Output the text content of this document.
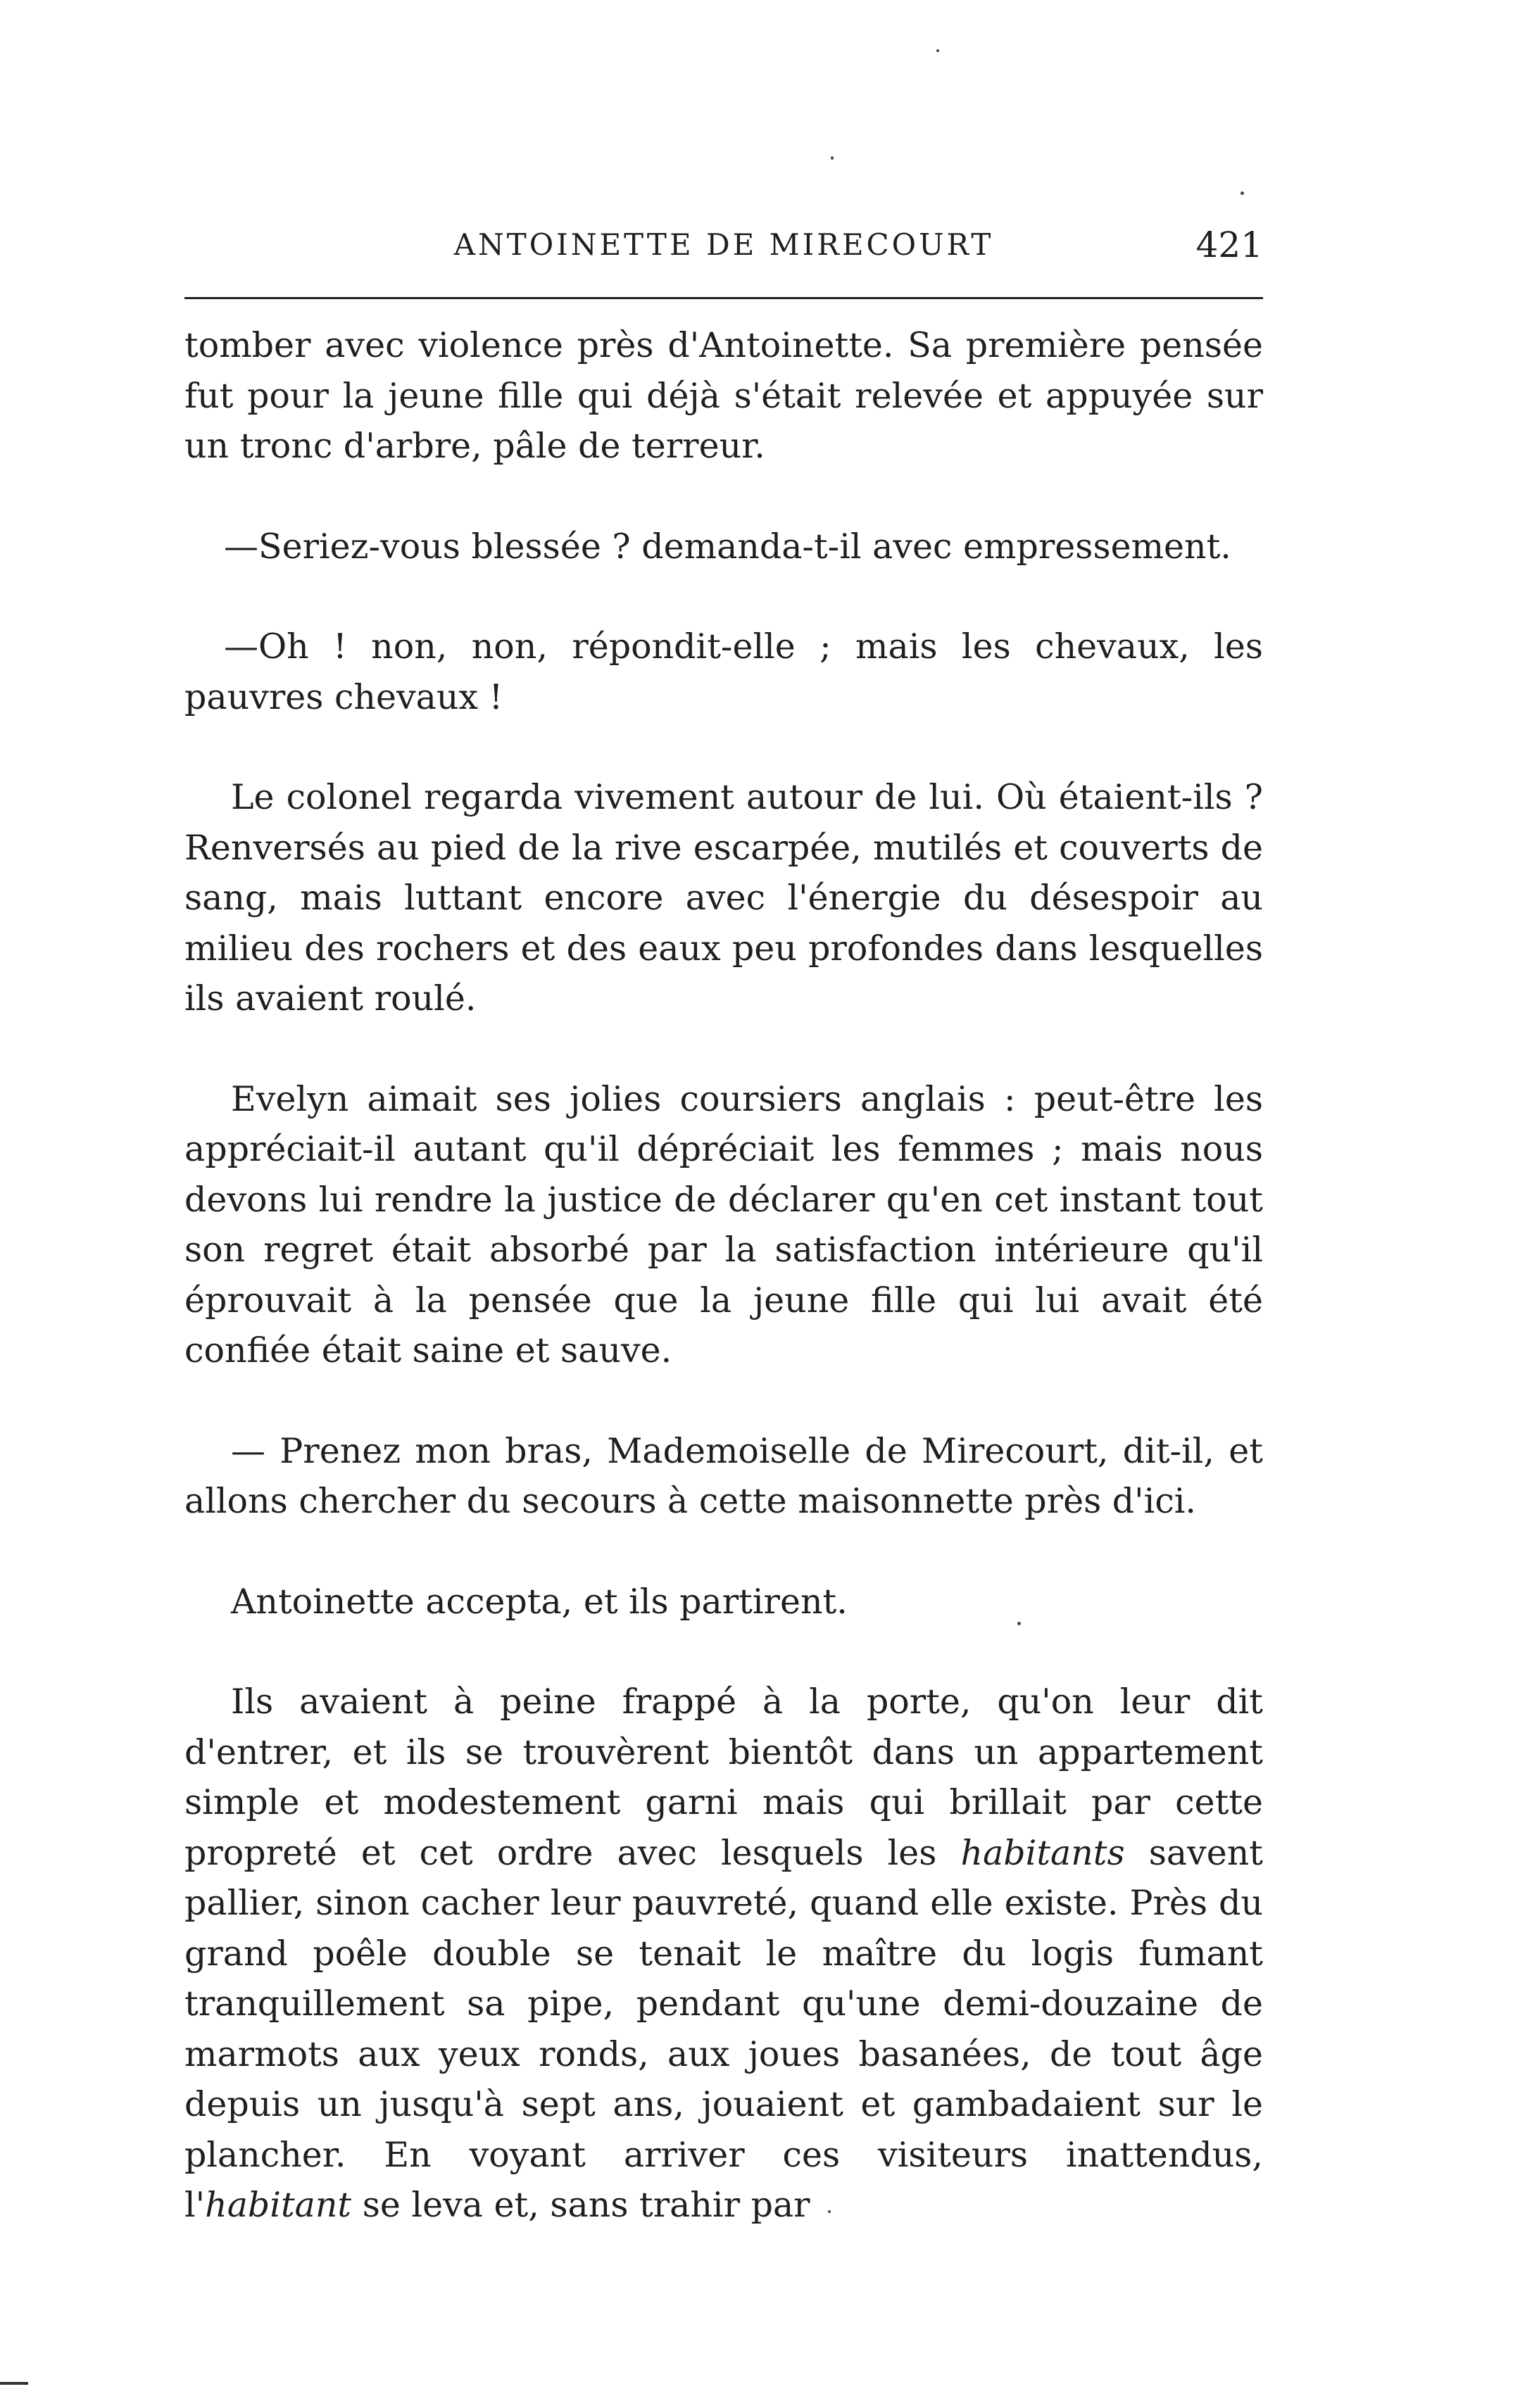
ANTOINETTE DE MIRECOURT	421

tomber avec violence près d'Antoinette. Sa première pensée fut pour la jeune fille qui déjà s'était relevée et appuyée sur un tronc d'arbre, pâle de terreur.

—Seriez-vous blessée ? demanda-t-il avec empressement.

—Oh ! non, non, répondit-elle ; mais les chevaux, les pauvres chevaux !

Le colonel regarda vivement autour de lui. Où étaient-ils ? Renversés au pied de la rive escarpée, mutilés et couverts de sang, mais luttant encore avec l'énergie du désespoir au milieu des rochers et des eaux peu profondes dans lesquelles ils avaient roulé.

Evelyn aimait ses jolies coursiers anglais : peut-être les appréciait-il autant qu'il dépréciait les femmes ; mais nous devons lui rendre la justice de déclarer qu'en cet instant tout son regret était absorbé par la satisfaction intérieure qu'il éprouvait à la pensée que la jeune fille qui lui avait été confiée était saine et sauve.

— Prenez mon bras, Mademoiselle de Mirecourt, dit-il, et allons chercher du secours à cette maisonnette près d'ici.

Antoinette accepta, et ils partirent.

Ils avaient à peine frappé à la porte, qu'on leur dit d'entrer, et ils se trouvèrent bientôt dans un appartement simple et modestement garni mais qui brillait par cette propreté et cet ordre avec lesquels les habitants savent pallier, sinon cacher leur pauvreté, quand elle existe. Près du grand poêle double se tenait le maître du logis fumant tranquillement sa pipe, pendant qu'une demi-douzaine de marmots aux yeux ronds, aux joues basanées, de tout âge depuis un jusqu'à sept ans, jouaient et gambadaient sur le plancher. En voyant arriver ces visiteurs inattendus, l'habitant se leva et, sans trahir par
